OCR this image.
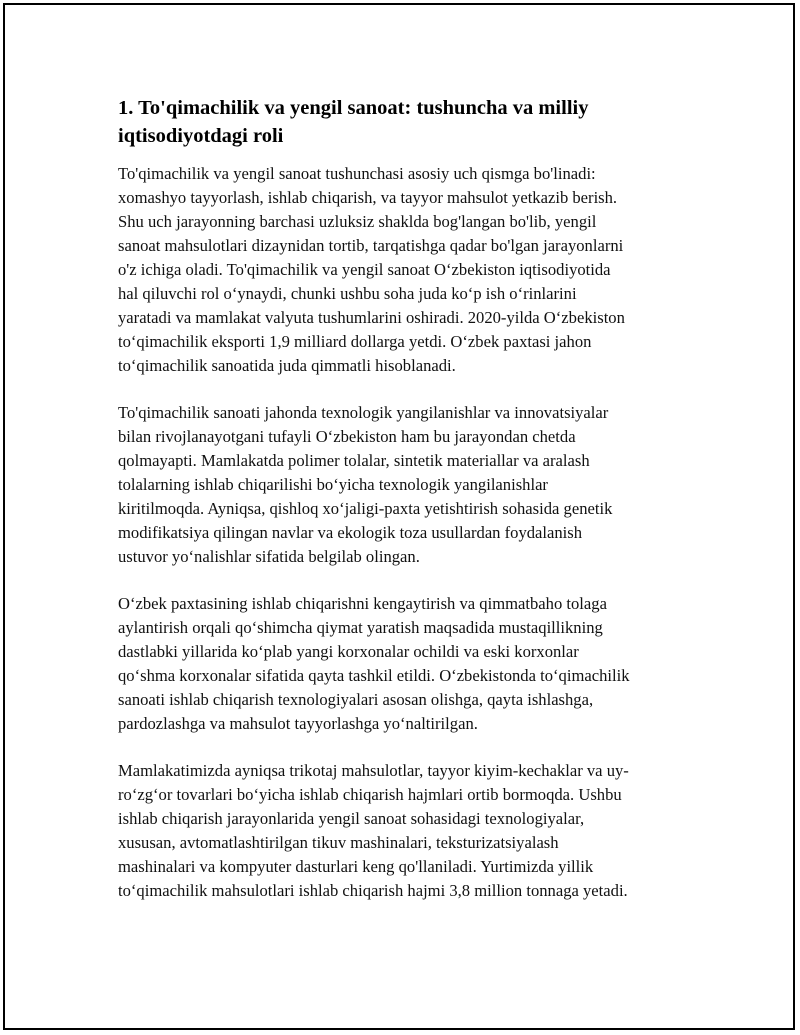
1. To'qimachilik va yengil sanoat: tushuncha va milliy
iqtisodiyotdagi roli

To'qimachilik va yengil sanoat tushunchasi asosiy uch qismga bo'linadi:
xomashyo tayyorlash, ishlab chiqarish, va tayyor mahsulot yetkazib berish.
Shu uch jarayonning barchasi uzluksiz shaklda bog'langan bo'lib, yengil
sanoat mahsulotlari dizaynidan tortib, tarqatishga qadar bo'lgan jarayonlarni
o'z ichiga oladi. To'qimachilik va yengil sanoat O‘zbekiston iqtisodiyotida
hal qiluvchi rol o‘ynaydi, chunki ushbu soha juda ko‘p ish o‘rinlarini
yaratadi va mamlakat valyuta tushumlarini oshiradi. 2020-yilda O‘zbekiston
to‘qimachilik eksporti 1,9 milliard dollarga yetdi. O‘zbek paxtasi jahon
to‘qimachilik sanoatida juda qimmatli hisoblanadi.

To'qimachilik sanoati jahonda texnologik yangilanishlar va innovatsiyalar
bilan rivojlanayotgani tufayli O‘zbekiston ham bu jarayondan chetda
qolmayapti. Mamlakatda polimer tolalar, sintetik materiallar va aralash
tolalarning ishlab chiqarilishi bo‘yicha texnologik yangilanishlar
kiritilmoqda. Ayniqsa, qishloq xo‘jaligi-paxta yetishtirish sohasida genetik
modifikatsiya qilingan navlar va ekologik toza usullardan foydalanish
ustuvor yo‘nalishlar sifatida belgilab olingan.

O‘zbek paxtasining ishlab chiqarishni kengaytirish va qimmatbaho tolaga
aylantirish orqali qo‘shimcha qiymat yaratish maqsadida mustaqillikning
dastlabki yillarida ko‘plab yangi korxonalar ochildi va eski korxonlar
qo‘shma korxonalar sifatida qayta tashkil etildi. O‘zbekistonda to‘qimachilik
sanoati ishlab chiqarish texnologiyalari asosan olishga, qayta ishlashga,
pardozlashga va mahsulot tayyorlashga yo‘naltirilgan.

Mamlakatimizda ayniqsa trikotaj mahsulotlar, tayyor kiyim-kechaklar va uy-
ro‘zg‘or tovarlari bo‘yicha ishlab chiqarish hajmlari ortib bormoqda. Ushbu
ishlab chiqarish jarayonlarida yengil sanoat sohasidagi texnologiyalar,
xususan, avtomatlashtirilgan tikuv mashinalari, teksturizatsiyalash
mashinalari va kompyuter dasturlari keng qo'llaniladi. Yurtimizda yillik
to‘qimachilik mahsulotlari ishlab chiqarish hajmi 3,8 million tonnaga yetadi.
